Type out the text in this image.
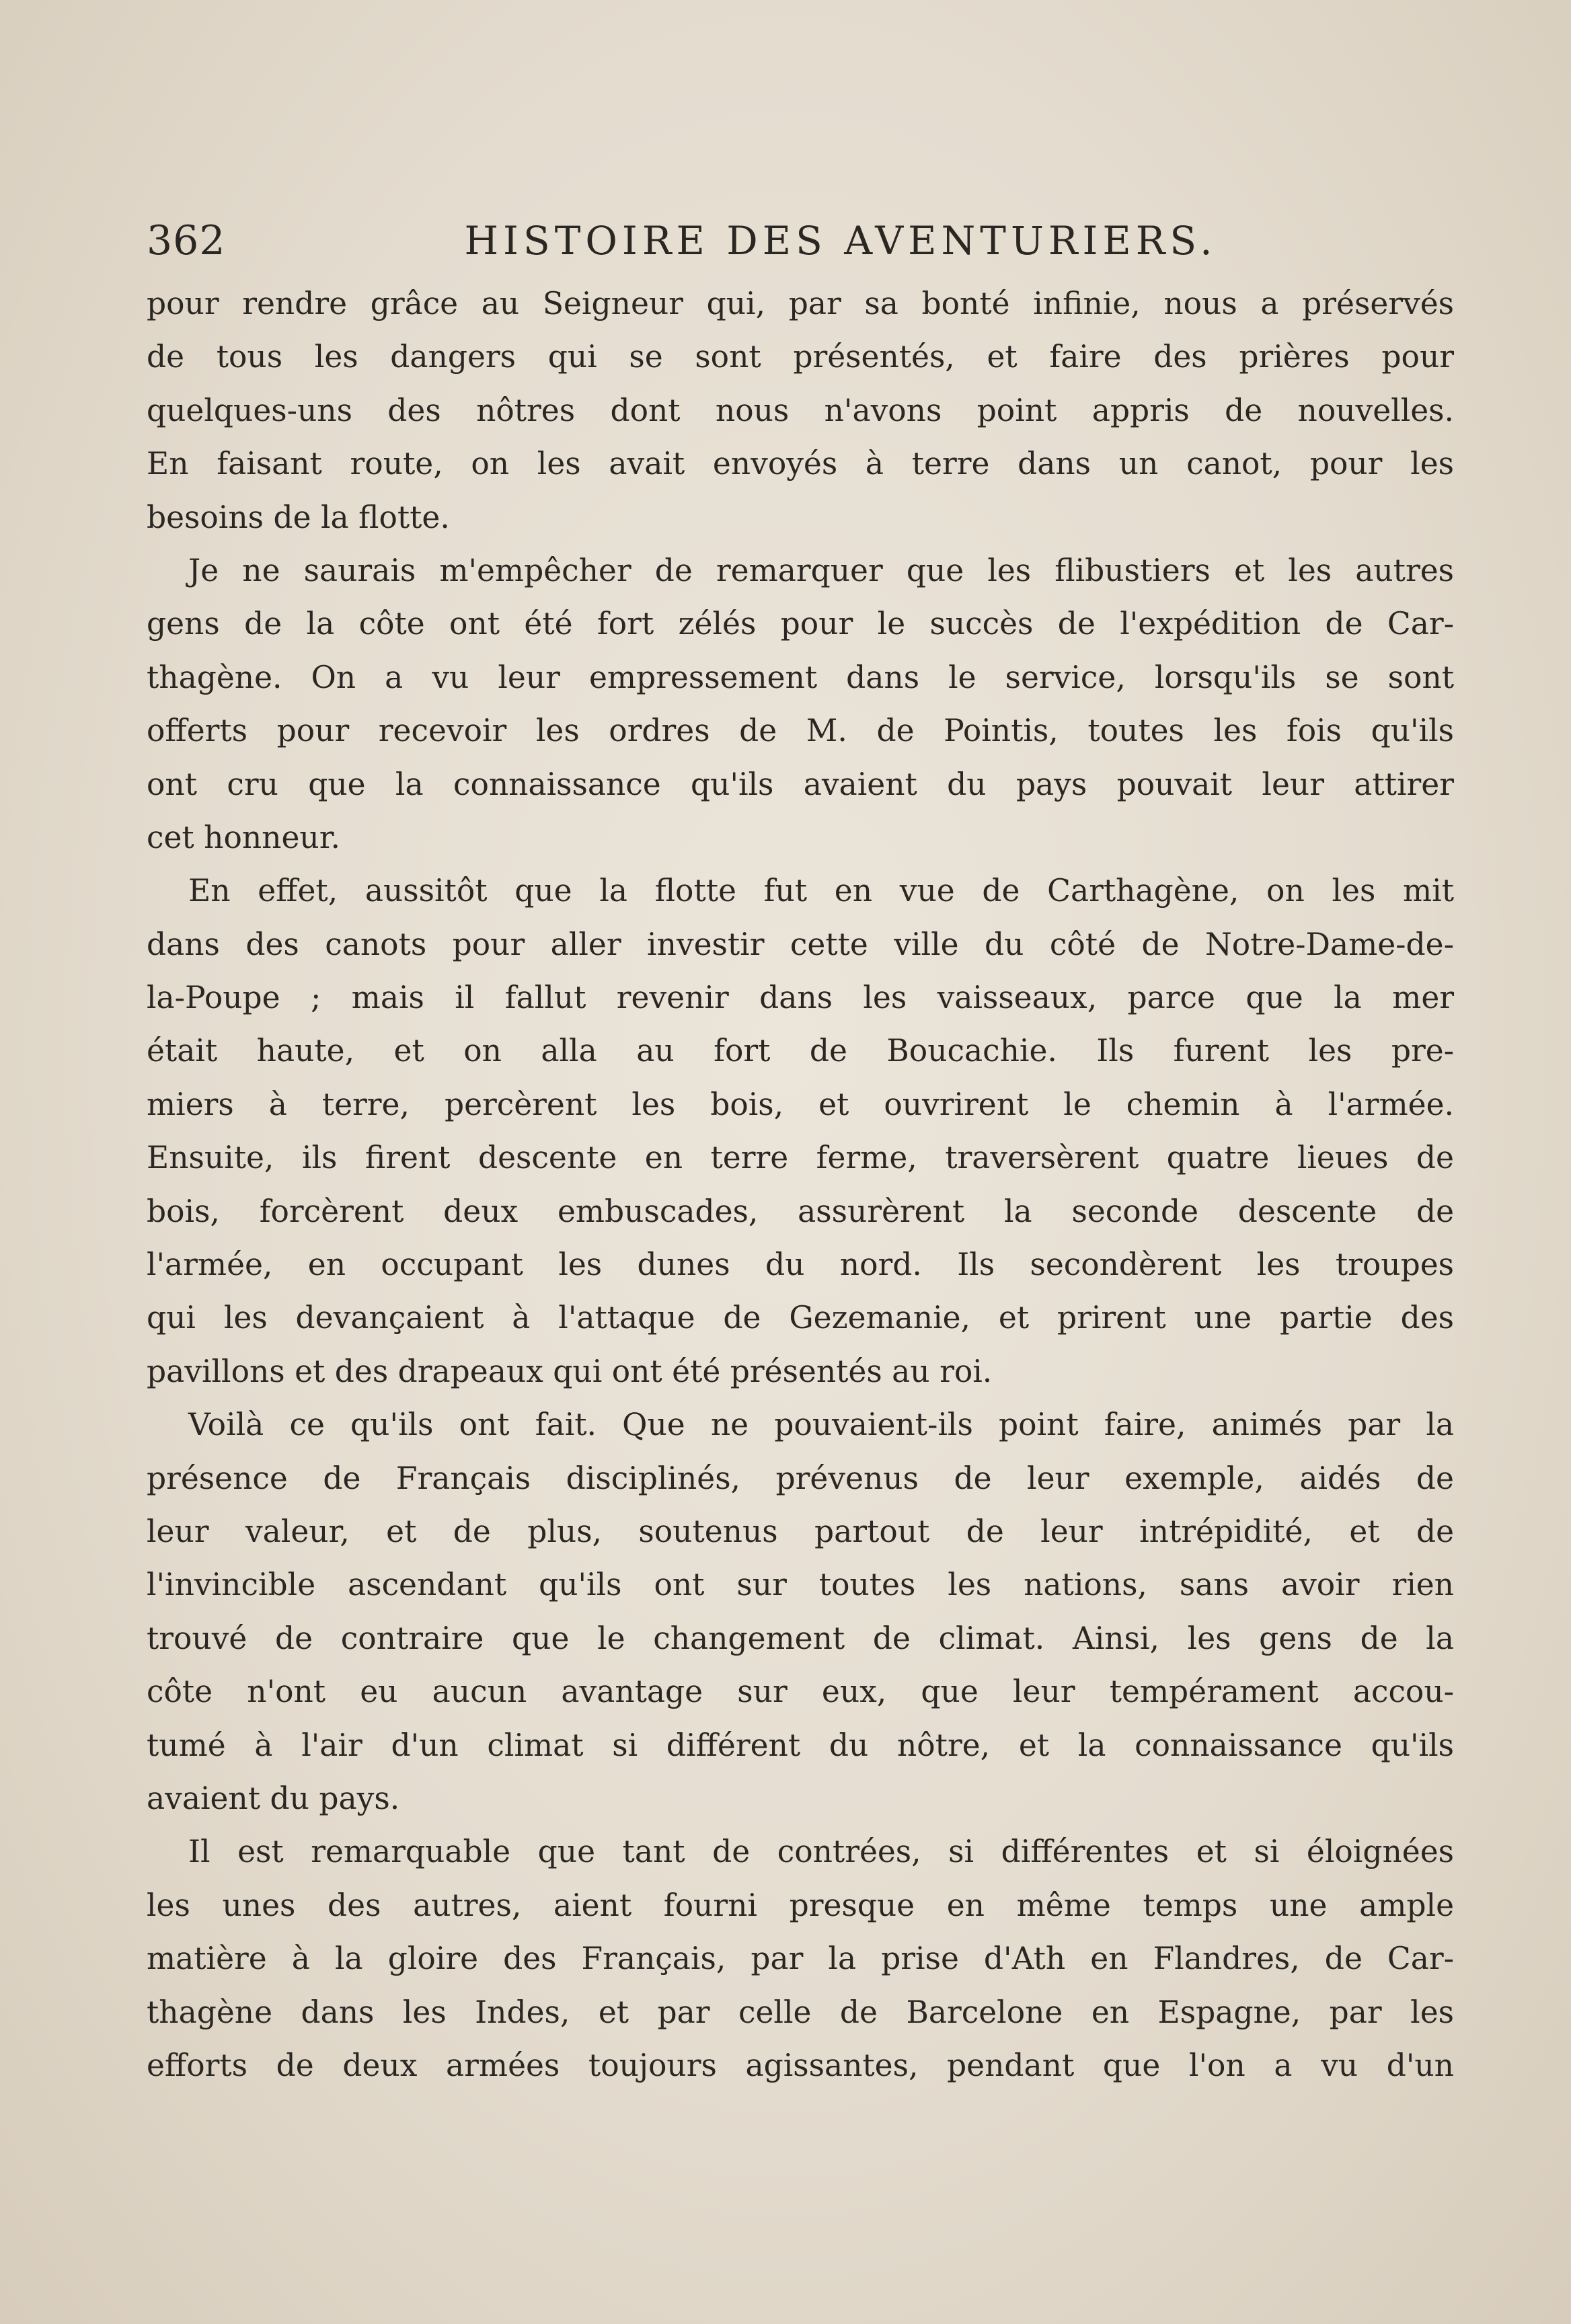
362	HISTOIRE DES AVENTURIERS.
pour rendre grâce au Seigneur qui, par sa bonté infinie, nous a préservés
de tous les dangers qui se sont présentés, et faire des prières pour
quelques-uns des nôtres dont nous n'avons point appris de nouvelles.
En faisant route, on les avait envoyés à terre dans un canot, pour les
besoins de la flotte.
Je ne saurais m'empêcher de remarquer que les flibustiers et les autres
gens de la côte ont été fort zélés pour le succès de l'expédition de Car-
thagène. On a vu leur empressement dans le service, lorsqu'ils se sont
offerts pour recevoir les ordres de M. de Pointis, toutes les fois qu'ils
ont cru que la connaissance qu'ils avaient du pays pouvait leur attirer
cet honneur.
En effet, aussitôt que la flotte fut en vue de Carthagène, on les mit
dans des canots pour aller investir cette ville du côté de Notre-Dame-de-
la-Poupe ; mais il fallut revenir dans les vaisseaux, parce que la mer
était haute, et on alla au fort de Boucachie. Ils furent les pre-
miers à terre, percèrent les bois, et ouvrirent le chemin à l'armée.
Ensuite, ils firent descente en terre ferme, traversèrent quatre lieues de
bois, forcèrent deux embuscades, assurèrent la seconde descente de
l'armée, en occupant les dunes du nord. Ils secondèrent les troupes
qui les devançaient à l'attaque de Gezemanie, et prirent une partie des
pavillons et des drapeaux qui ont été présentés au roi.
Voilà ce qu'ils ont fait. Que ne pouvaient-ils point faire, animés par la
présence de Français disciplinés, prévenus de leur exemple, aidés de
leur valeur, et de plus, soutenus partout de leur intrépidité, et de
l'invincible ascendant qu'ils ont sur toutes les nations, sans avoir rien
trouvé de contraire que le changement de climat. Ainsi, les gens de la
côte n'ont eu aucun avantage sur eux, que leur tempérament accou-
tumé à l'air d'un climat si différent du nôtre, et la connaissance qu'ils
avaient du pays.
Il est remarquable que tant de contrées, si différentes et si éloignées
les unes des autres, aient fourni presque en même temps une ample
matière à la gloire des Français, par la prise d'Ath en Flandres, de Car-
thagène dans les Indes, et par celle de Barcelone en Espagne, par les
efforts de deux armées toujours agissantes, pendant que l'on a vu d'un
